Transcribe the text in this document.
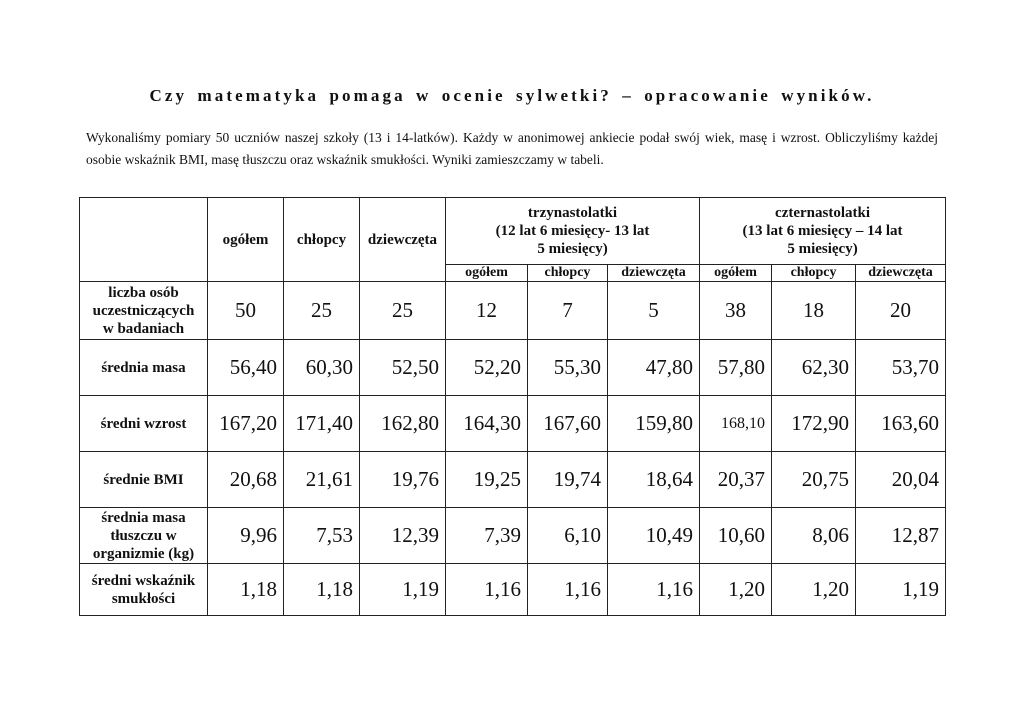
Czy matematyka pomaga w ocenie sylwetki? – opracowanie wyników.
Wykonaliśmy pomiary 50 uczniów naszej szkoły (13 i 14-latków). Każdy w anonimowej ankiecie podał swój wiek, masę i wzrost. Obliczyliśmy każdej osobie wskaźnik BMI, masę tłuszczu oraz wskaźnik smukłości. Wyniki zamieszczamy w tabeli.
	ogółem	chłopcy	dziewczęta	trzynastolatki
(12 lat 6 miesięcy- 13 lat
5 miesięcy)			czternastolatki
(13 lat 6 miesięcy – 14 lat
5 miesięcy)		
				ogółem	chłopcy	dziewczęta	ogółem	chłopcy	dziewczęta
liczba osób
uczestniczących
w badaniach	50	25	25	12	7	5	38	18	20
średnia masa	56,40	60,30	52,50	52,20	55,30	47,80	57,80	62,30	53,70
średni wzrost	167,20	171,40	162,80	164,30	167,60	159,80	168,10	172,90	163,60
średnie BMI	20,68	21,61	19,76	19,25	19,74	18,64	20,37	20,75	20,04
średnia masa
tłuszczu w
organizmie (kg)	9,96	7,53	12,39	7,39	6,10	10,49	10,60	8,06	12,87
średni wskaźnik
smukłości	1,18	1,18	1,19	1,16	1,16	1,16	1,20	1,20	1,19
